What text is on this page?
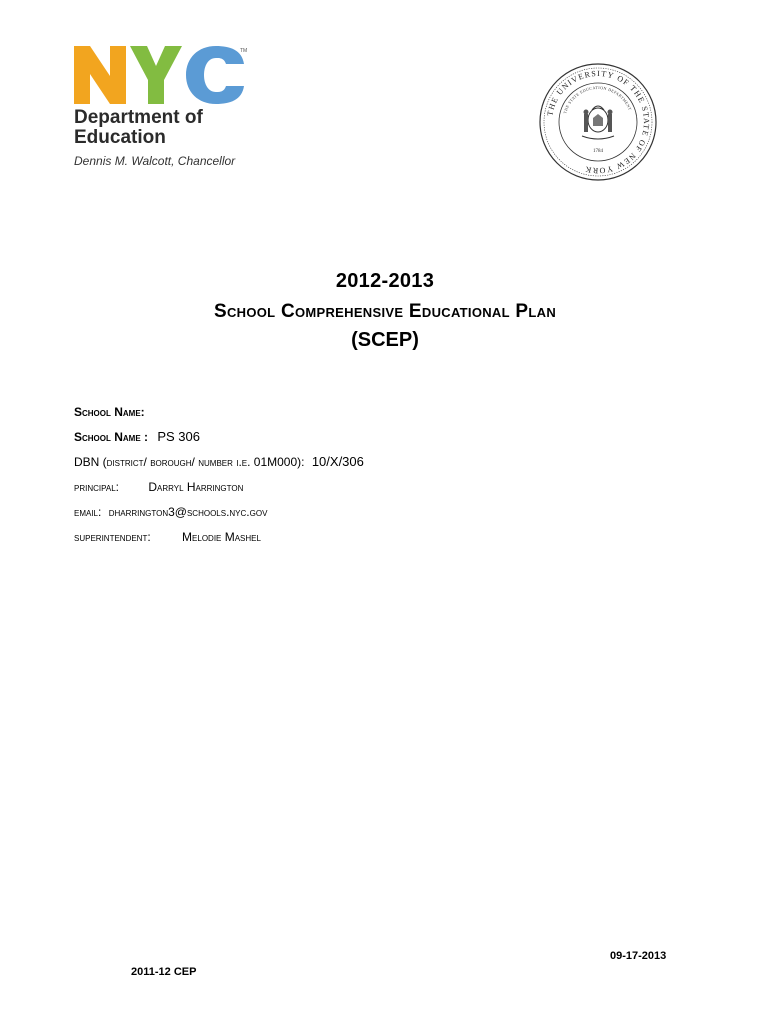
TM
Department of
Education
Dennis M. Walcott, Chancellor
THE UNIVERSITY OF THE STATE OF NEW YORK
THE STATE EDUCATION DEPARTMENT
1784
2012-2013
School Comprehensive Educational Plan
(SCEP)
School Name:
School Name : PS 306
DBN (district/ borough/ number i.e. 01M000): 10/X/306
principal: Darryl Harrington
email: dharrington3@schools.nyc.gov
superintendent:	Melodie Mashel
09-17-2013
2011-12 CEP
